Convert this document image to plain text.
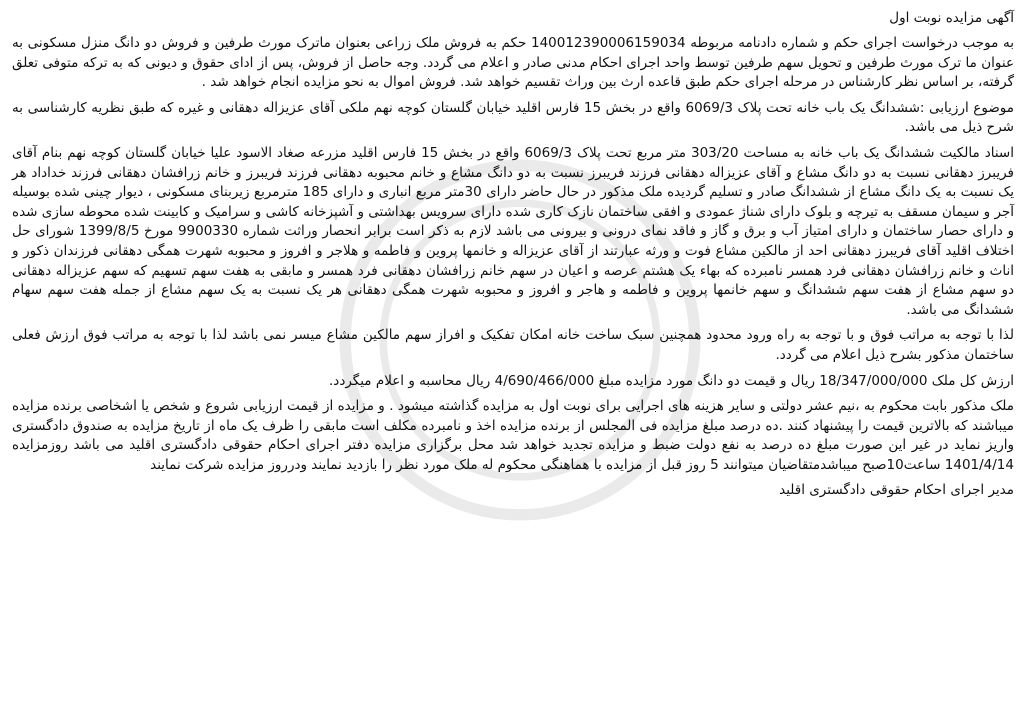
آگهی مزایده نوبت اول

به موجب درخواست اجرای حکم و شماره دادنامه مربوطه 140012390006159034 حکم به فروش ملک زراعی بعنوان ماترک مورث طرفین و فروش دو دانگ منزل مسکونی به عنوان ما ترک مورث طرفین و تحویل سهم طرفین توسط واحد اجرای احکام مدنی صادر و اعلام می گردد. وجه حاصل از فروش، پس از ادای حقوق و دیونی که به ترکه متوفی تعلق گرفته، بر اساس نظر کارشناس در مرحله اجرای حکم طبق قاعده ارث بین وراث تقسیم خواهد شد. فروش اموال به نحو مزایده انجام خواهد شد .

موضوع ارزیابی :ششدانگ یک باب خانه تحت پلاک 6069/3 واقع در بخش 15 فارس اقلید خیابان گلستان کوچه نهم ملکی آقای عزیزاله دهقانی و غیره که طبق نظریه کارشناسی به شرح ذیل می باشد.

اسناد مالکیت ششدانگ یک باب خانه به مساحت 303/20 متر مربع تحت پلاک 6069/3 واقع در بخش 15 فارس اقلید مزرعه صغاد الاسود علیا خیابان گلستان کوچه نهم بنام آقای فریبرز دهقانی نسبت به دو دانگ مشاع و آقای عزیزاله دهقانی فرزند فریبرز نسبت به دو دانگ مشاع و خانم محبوبه دهقانی فرزند فریبرز و خانم زرافشان دهقانی فرزند خداداد هر یک نسبت به یک دانگ مشاع از ششدانگ صادر و تسلیم گردیده ملک مذکور در حال حاضر دارای 30متر مربع انباری و دارای 185 مترمربع زیربنای مسکونی ، دیوار چینی شده بوسیله آجر و سیمان مسقف به تیرچه و بلوک دارای شناژ عمودی و افقی ساختمان نازک کاری شده دارای سرویس بهداشتی و آشپزخانه کاشی و سرامیک و کابینت شده محوطه سازی شده و دارای حصار ساختمان و دارای امتیاز آب و برق و گاز و فاقد نمای درونی و بیرونی می باشد لازم به ذکر است برابر انحصار وراثت شماره 9900330 مورخ 1399/8/5 شورای حل اختلاف اقلید آقای فریبرز دهقانی احد از مالکین مشاع فوت و ورثه عبارتند از آقای عزیزاله و خانمها پروین و فاطمه و هلاجر و افروز و محبوبه شهرت همگی دهقانی فرزندان ذکور و اناث و خانم زرافشان دهقانی فرد همسر نامبرده که بهاء یک هشتم عرصه و اعیان در سهم خانم زرافشان دهقانی فرد همسر و مابقی به هفت سهم تسهیم که سهم عزیزاله دهقانی دو سهم مشاع از هفت سهم ششدانگ و سهم خانمها پروین و فاطمه و هاجر و افروز و محبوبه شهرت همگی دهقانی هر یک نسبت به یک سهم مشاع از جمله هفت سهم سهام ششدانگ می باشد.

لذا با توجه به مراتب فوق و با توجه به راه ورود محدود همچنین سبک ساخت خانه امکان تفکیک و افراز سهم مالکین مشاع میسر نمی باشد لذا با توجه به مراتب فوق ارزش فعلی ساختمان مذکور بشرح ذیل اعلام می گردد.

ارزش کل ملک 18/347/000/000 ریال و قیمت دو دانگ مورد مزایده مبلغ 4/690/466/000 ریال محاسبه و اعلام میگردد.

ملک مذکور بابت محکوم به ،نیم عشر دولتی و سایر هزینه های اجرایی برای نوبت اول به مزایده گذاشته میشود . و مزایده از قیمت ارزیابی شروع و شخص یا اشخاصی برنده مزایده میباشند که بالاترین قیمت را پیشنهاد کنند .ده درصد مبلغ مزایده فی المجلس از برنده مزایده اخذ و نامبرده مکلف است مابقی را ظرف یک ماه از تاریخ مزایده به صندوق دادگستری واریز نماید در غیر این صورت مبلغ ده درصد به نفع دولت ضبط و مزایده تجدید خواهد شد محل برگزاری مزایده دفتر اجرای احکام حقوقی دادگستری اقلید می باشد روزمزایده 1401/4/14 ساعت10صبح میباشدمتقاضیان میتوانند 5 روز قبل از مزایده با هماهنگی محکوم له ملک مورد نظر را بازدید نمایند ودرروز مزایده شرکت نمایند

مدیر اجرای احکام حقوقی دادگستری اقلید
